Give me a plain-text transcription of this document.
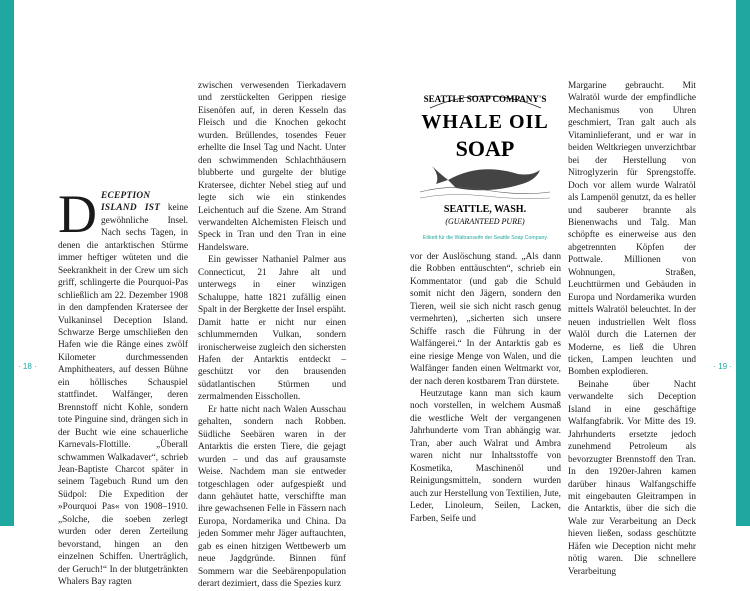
· 18 ·	· 19 ·

D ECEPTION ISLAND IST keine gewöhnliche Insel. Nach sechs Tagen, in denen die antarktischen Stürme immer heftiger wüteten und die Seekrankheit in der Crew um sich griff, schlingerte die Pourquoi-Pas schließlich am 22. Dezember 1908 in den dampfenden Kratersee der Vulkaninsel Deception Island. Schwarze Berge umschließen den Hafen wie die Ränge eines zwölf Kilometer durchmessenden Amphitheaters, auf dessen Bühne ein höllisches Schauspiel stattfindet. Walfänger, deren Brennstoff nicht Kohle, sondern tote Pinguine sind, drängen sich in der Bucht wie eine schauerliche Karnevals-Flottille. „Überall schwammen Walkadaver“, schrieb Jean-Baptiste Charcot später in seinem Tagebuch Rund um den Südpol: Die Expedition der »Pourquoi Pas« von 1908–1910. „Solche, die soeben zerlegt wurden oder deren Zerteilung bevorstand, hingen an den einzelnen Schiffen. Unerträglich, der Geruch!“ In der blutgetränkten Whalers Bay ragten

zwischen verwesenden Tierkadavern und zerstückelten Gerippen riesige Eisenöfen auf, in deren Kesseln das Fleisch und die Knochen gekocht wurden. Brüllendes, tosendes Feuer erhellte die Insel Tag und Nacht. Unter den schwimmenden Schlachthäusern blubberte und gurgelte der blutige Kratersee, dichter Nebel stieg auf und legte sich wie ein stinkendes Leichentuch auf die Szene. Am Strand verwandelten Alchemisten Fleisch und Speck in Tran und den Tran in eine Handelsware.

Ein gewisser Nathaniel Palmer aus Connecticut, 21 Jahre alt und unterwegs in einer winzigen Schaluppe, hatte 1821 zufällig einen Spalt in der Bergkette der Insel erspäht. Damit hatte er nicht nur einen schlummernden Vulkan, sondern ironischerweise zugleich den sichersten Hafen der Antarktis entdeckt – geschützt vor den brausenden südatlantischen Stürmen und zermalmenden Eisschollen.

Er hatte nicht nach Walen Ausschau gehalten, sondern nach Robben. Südliche Seebären waren in der Antarktis die ersten Tiere, die gejagt wurden – und das auf grausamste Weise. Nachdem man sie entweder totgeschlagen oder aufgespießt und dann gehäutet hatte, verschiffte man ihre gewachsenen Felle in Fässern nach Europa, Nordamerika und China. Da jeden Sommer mehr Jäger auftauchten, gab es einen hitzigen Wettbewerb um neue Jagdgründe. Binnen fünf Sommern war die Seebärenpopulation derart dezimiert, dass die Spezies kurz

SEATTLE SOAP COMPANY'S
WHALE OIL
SOAP
SEATTLE, WASH.
(GUARANTEED PURE)
Etikett für die Waltranseife der Seattle Soap Company.

vor der Auslöschung stand. „Als dann die Robben enttäuschten“, schrieb ein Kommentator (und gab die Schuld somit nicht den Jägern, sondern den Tieren, weil sie sich nicht rasch genug vermehrten), „sicherten sich unsere Schiffe rasch die Führung in der Walfängerei.“ In der Antarktis gab es eine riesige Menge von Walen, und die Walfänger fanden einen Weltmarkt vor, der nach deren kostbarem Tran dürstete.

Heutzutage kann man sich kaum noch vorstellen, in welchem Ausmaß die westliche Welt der vergangenen Jahrhunderte vom Tran abhängig war. Tran, aber auch Walrat und Ambra waren nicht nur Inhaltsstoffe von Kosmetika, Maschinenöl und Reinigungsmitteln, sondern wurden auch zur Herstellung von Textilien, Jute, Leder, Linoleum, Seilen, Lacken, Farben, Seife und

Margarine gebraucht. Mit Walratöl wurde der empfindliche Mechanismus von Uhren geschmiert, Tran galt auch als Vitaminlieferant, und er war in beiden Weltkriegen unverzichtbar bei der Herstellung von Nitroglyzerin für Sprengstoffe. Doch vor allem wurde Walratöl als Lampenöl genutzt, da es heller und sauberer brannte als Bienenwachs und Talg. Man schöpfte es einerweise aus den abgetrennten Köpfen der Pottwale. Millionen von Wohnungen, Straßen, Leuchttürmen und Gebäuden in Europa und Nordamerika wurden mittels Walratöl beleuchtet. In der neuen industriellen Welt floss Walöl durch die Laternen der Moderne, es ließ die Uhren ticken, Lampen leuchten und Bomben explodieren.

Beinahe über Nacht verwandelte sich Deception Island in eine geschäftige Walfangfabrik. Vor Mitte des 19. Jahrhunderts ersetzte jedoch zunehmend Petroleum als bevorzugter Brennstoff den Tran. In den 1920er-Jahren kamen darüber hinaus Walfangschiffe mit eingebauten Gleitrampen in die Antarktis, über die sich die Wale zur Verarbeitung an Deck hieven ließen, sodass geschützte Häfen wie Deception nicht mehr nötig waren. Die schnellere Verarbeitung
